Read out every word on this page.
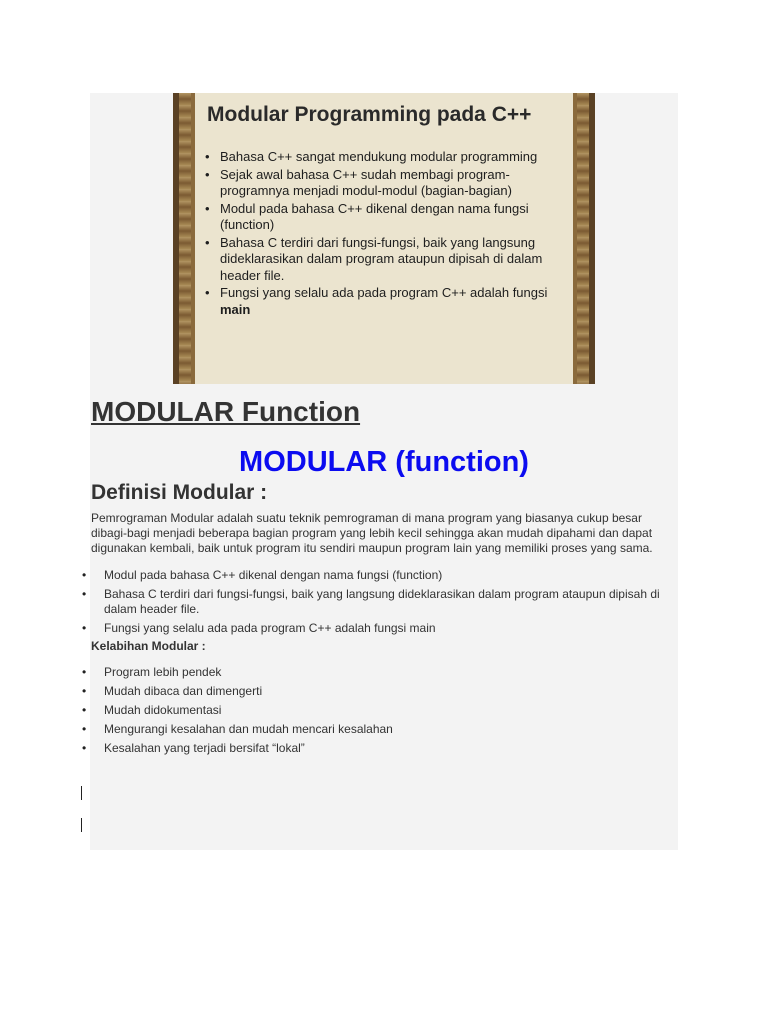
Modular Programming pada C++
• Bahasa C++ sangat mendukung modular programming
• Sejak awal bahasa C++ sudah membagi program-programnya menjadi modul-modul (bagian-bagian)
• Modul pada bahasa C++ dikenal dengan nama fungsi (function)
• Bahasa C terdiri dari fungsi-fungsi, baik yang langsung dideklarasikan dalam program ataupun dipisah di dalam header file.
• Fungsi yang selalu ada pada program C++ adalah fungsi main
MODULAR Function
MODULAR (function)
Definisi Modular :

Pemrograman Modular adalah suatu teknik pemrograman di mana program yang biasanya cukup besar dibagi-bagi menjadi beberapa bagian program yang lebih kecil sehingga akan mudah dipahami dan dapat digunakan kembali, baik untuk program itu sendiri maupun program lain yang memiliki proses yang sama.

• Modul pada bahasa C++ dikenal dengan nama fungsi (function)
• Bahasa C terdiri dari fungsi-fungsi, baik yang langsung dideklarasikan dalam program ataupun dipisah di dalam header file.
• Fungsi yang selalu ada pada program C++ adalah fungsi main

Kelabihan Modular :

• Program lebih pendek
• Mudah dibaca dan dimengerti
• Mudah didokumentasi
• Mengurangi kesalahan dan mudah mencari kesalahan
• Kesalahan yang terjadi bersifat “lokal”
